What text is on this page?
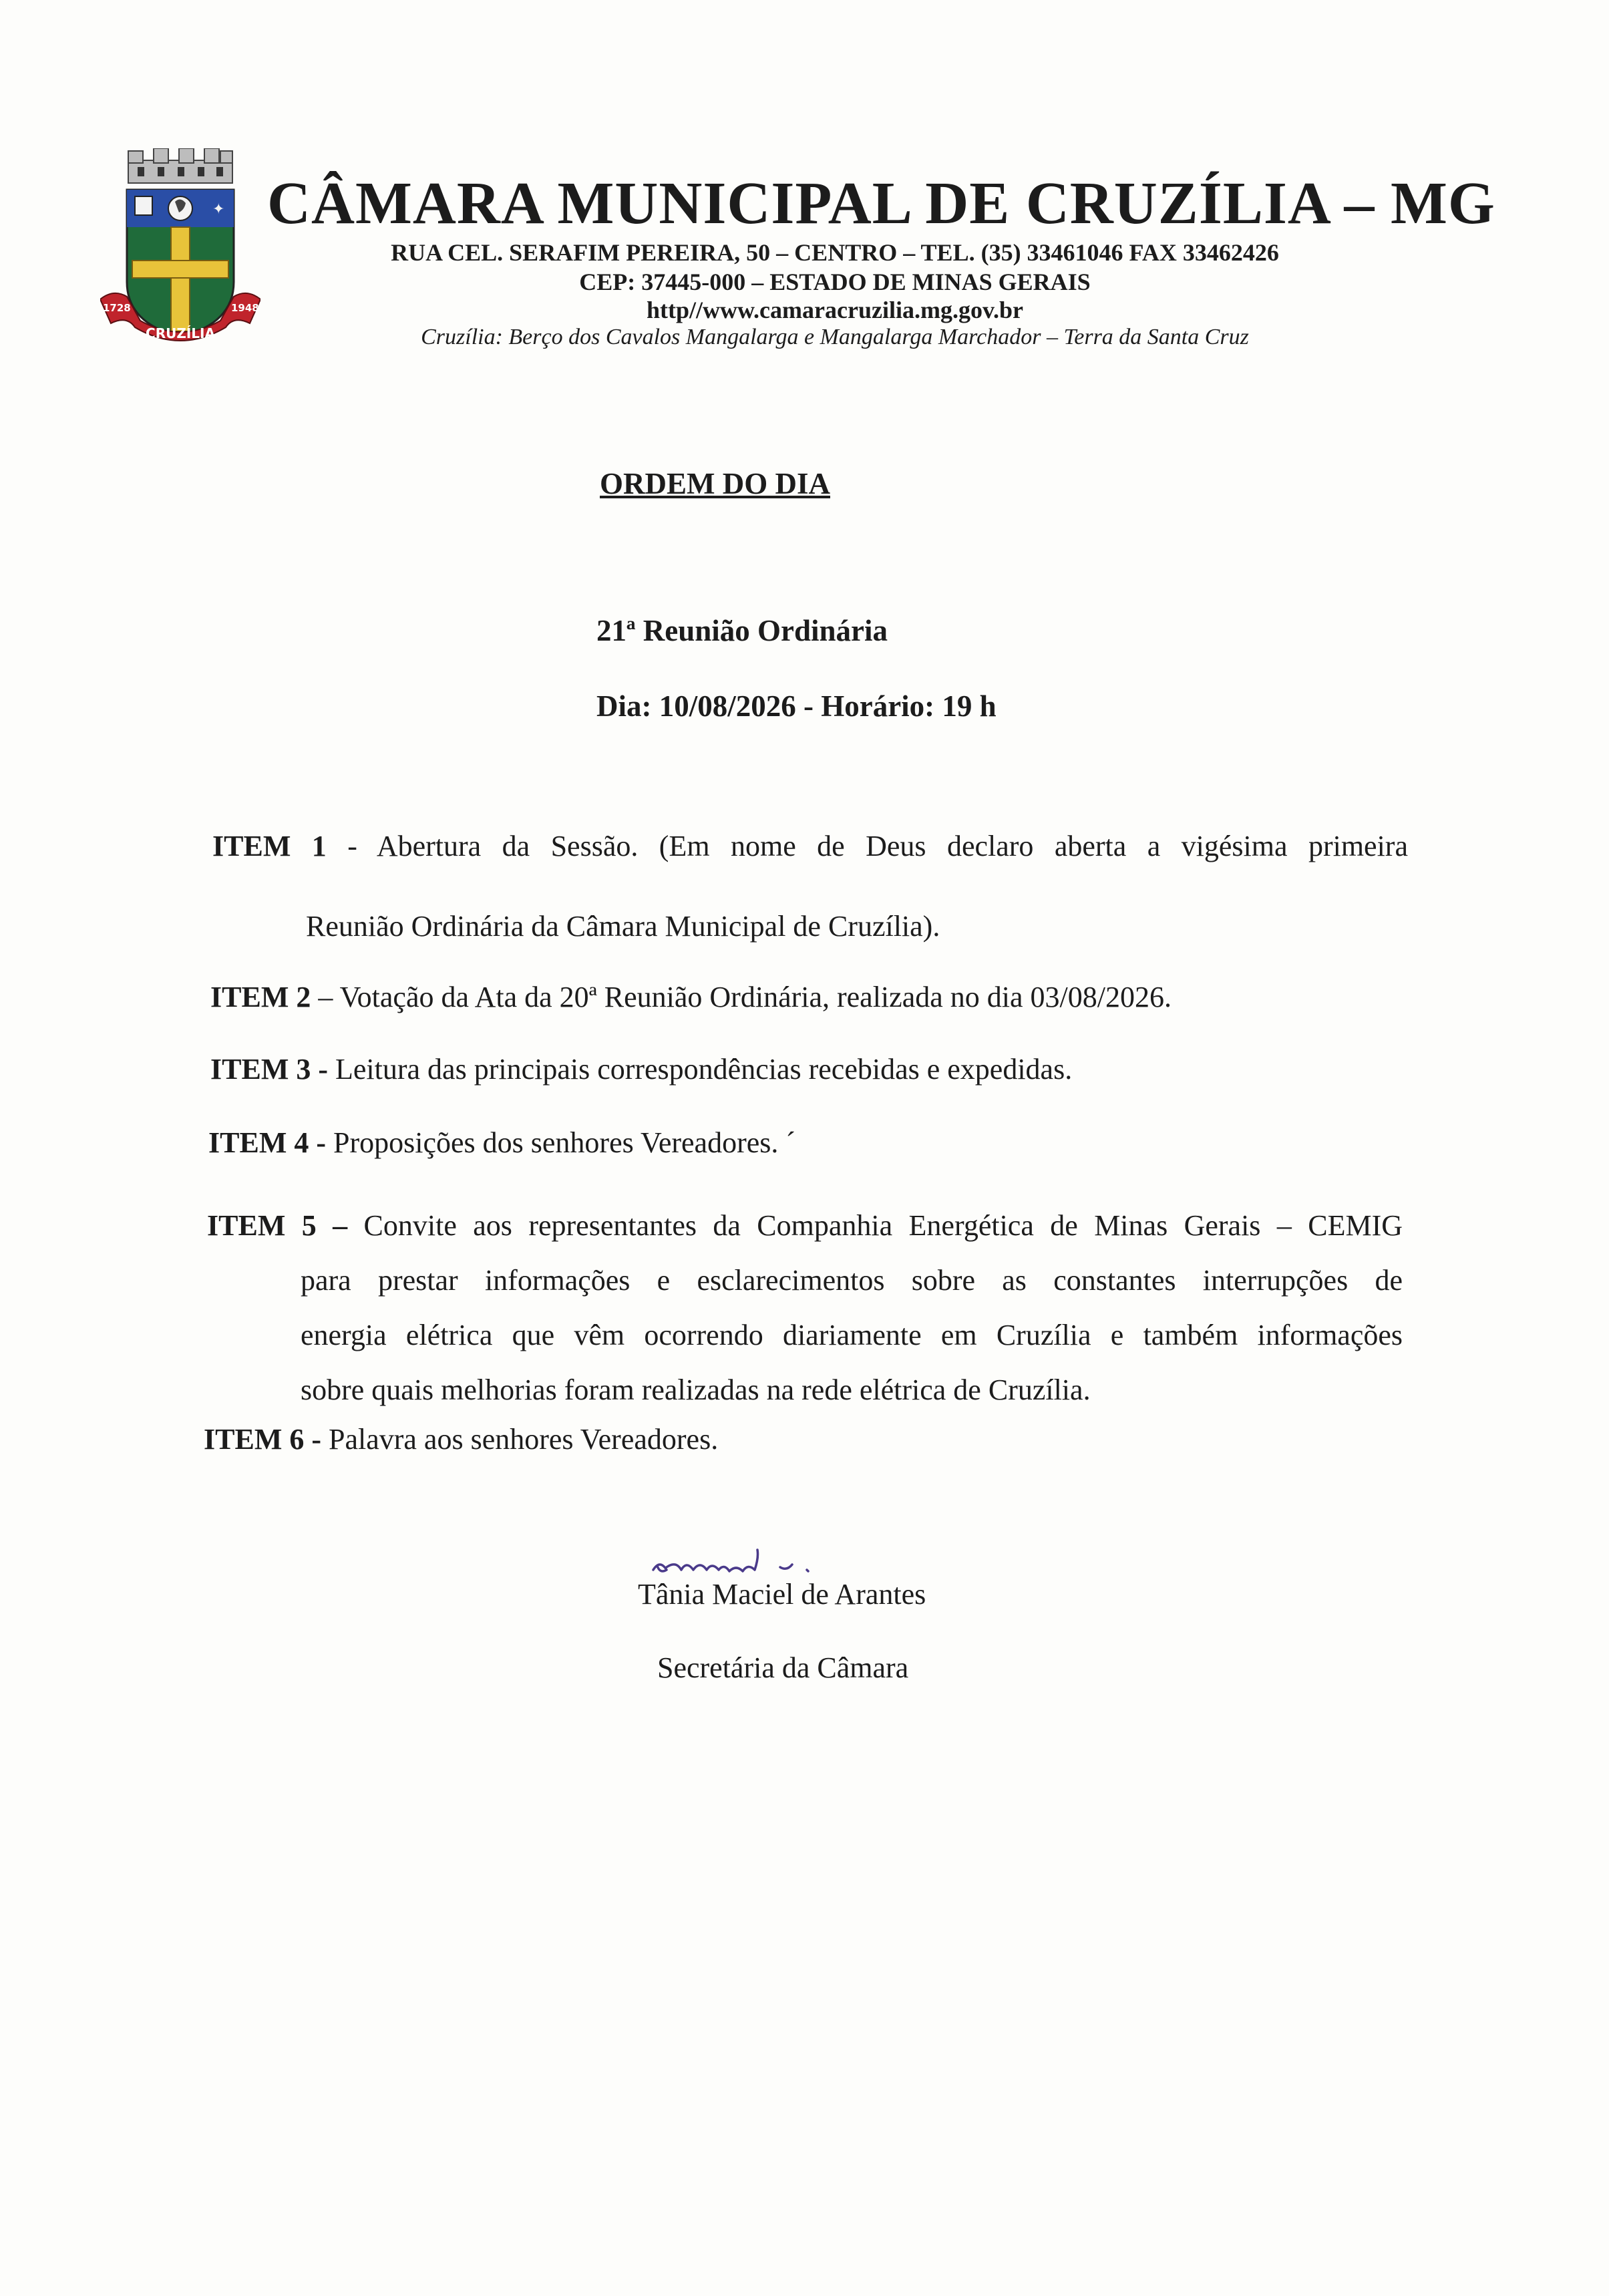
✦
1728	1948
CRUZÍLIA
CÂMARA MUNICIPAL DE CRUZÍLIA – MG
RUA CEL. SERAFIM PEREIRA, 50 – CENTRO – TEL. (35) 33461046 FAX 33462426
CEP: 37445-000 – ESTADO DE MINAS GERAIS
http//www.camaracruzilia.mg.gov.br
Cruzília: Berço dos Cavalos Mangalarga e Mangalarga Marchador – Terra da Santa Cruz
ORDEM DO DIA
21ª Reunião Ordinária
Dia: 10/08/2026 - Horário: 19 h
ITEM 1 - Abertura da Sessão. (Em nome de Deus declaro aberta a vigésima primeira
Reunião Ordinária da Câmara Municipal de Cruzília).
ITEM 2 – Votação da Ata da 20ª Reunião Ordinária, realizada no dia 03/08/2026.
ITEM 3 - Leitura das principais correspondências recebidas e expedidas.
ITEM 4 - Proposições dos senhores Vereadores. ´
ITEM 5 – Convite aos representantes da Companhia Energética de Minas Gerais – CEMIG
para prestar informações e esclarecimentos sobre as constantes interrupções de
energia elétrica que vêm ocorrendo diariamente em Cruzília e também informações
sobre quais melhorias foram realizadas na rede elétrica de Cruzília.
ITEM 6 - Palavra aos senhores Vereadores.
Tânia Maciel de Arantes
Secretária da Câmara
